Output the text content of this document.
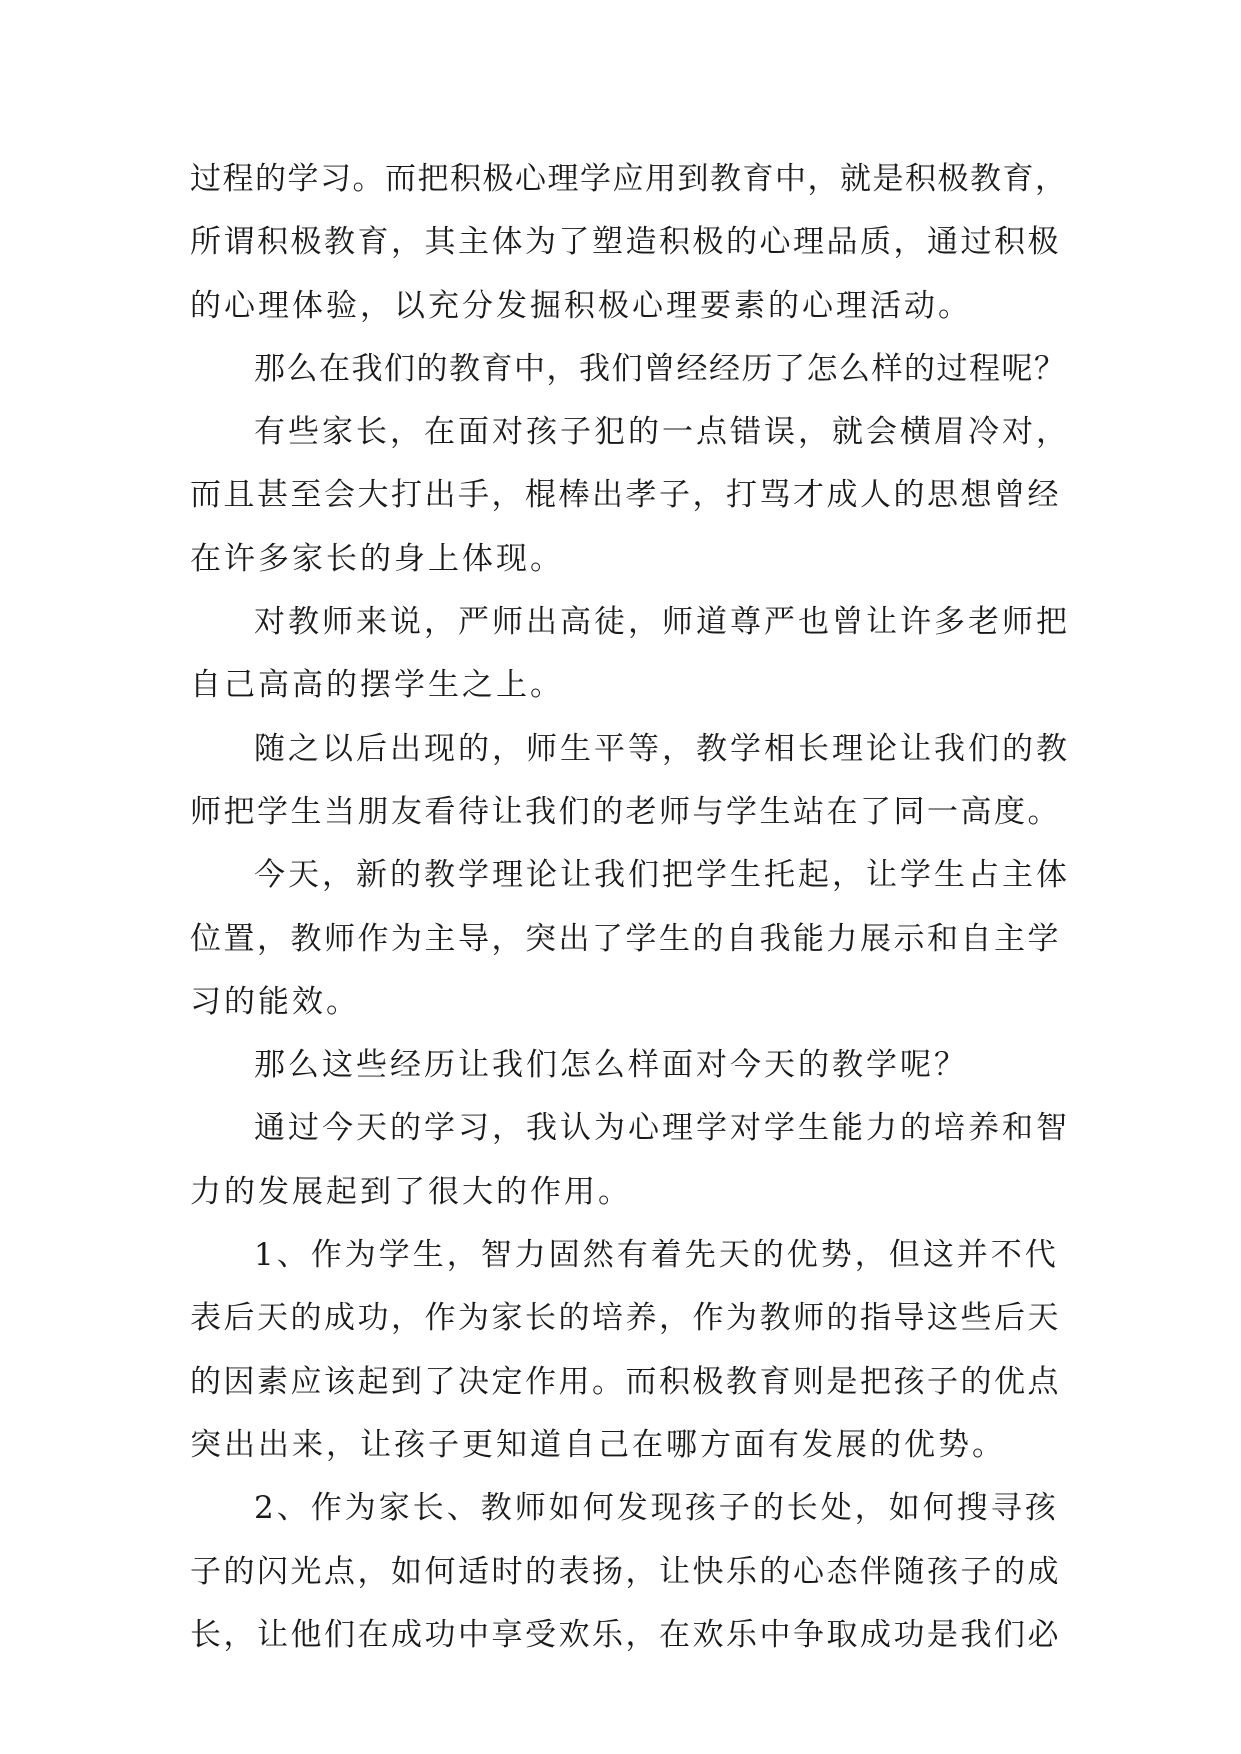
过程的学习。而把积极心理学应用到教育中，就是积极教育，
所谓积极教育，其主体为了塑造积极的心理品质，通过积极
的心理体验，以充分发掘积极心理要素的心理活动。
那么在我们的教育中，我们曾经经历了怎么样的过程呢？
有些家长，在面对孩子犯的一点错误，就会横眉冷对，
而且甚至会大打出手，棍棒出孝子，打骂才成人的思想曾经
在许多家长的身上体现。
对教师来说，严师出高徒，师道尊严也曾让许多老师把
自己高高的摆学生之上。
随之以后出现的，师生平等，教学相长理论让我们的教
师把学生当朋友看待让我们的老师与学生站在了同一高度。
今天，新的教学理论让我们把学生托起，让学生占主体
位置，教师作为主导，突出了学生的自我能力展示和自主学
习的能效。
那么这些经历让我们怎么样面对今天的教学呢？
通过今天的学习，我认为心理学对学生能力的培养和智
力的发展起到了很大的作用。
1、作为学生，智力固然有着先天的优势，但这并不代
表后天的成功，作为家长的培养，作为教师的指导这些后天
的因素应该起到了决定作用。而积极教育则是把孩子的优点
突出出来，让孩子更知道自己在哪方面有发展的优势。
2、作为家长、教师如何发现孩子的长处，如何搜寻孩
子的闪光点，如何适时的表扬，让快乐的心态伴随孩子的成
长，让他们在成功中享受欢乐，在欢乐中争取成功是我们必
